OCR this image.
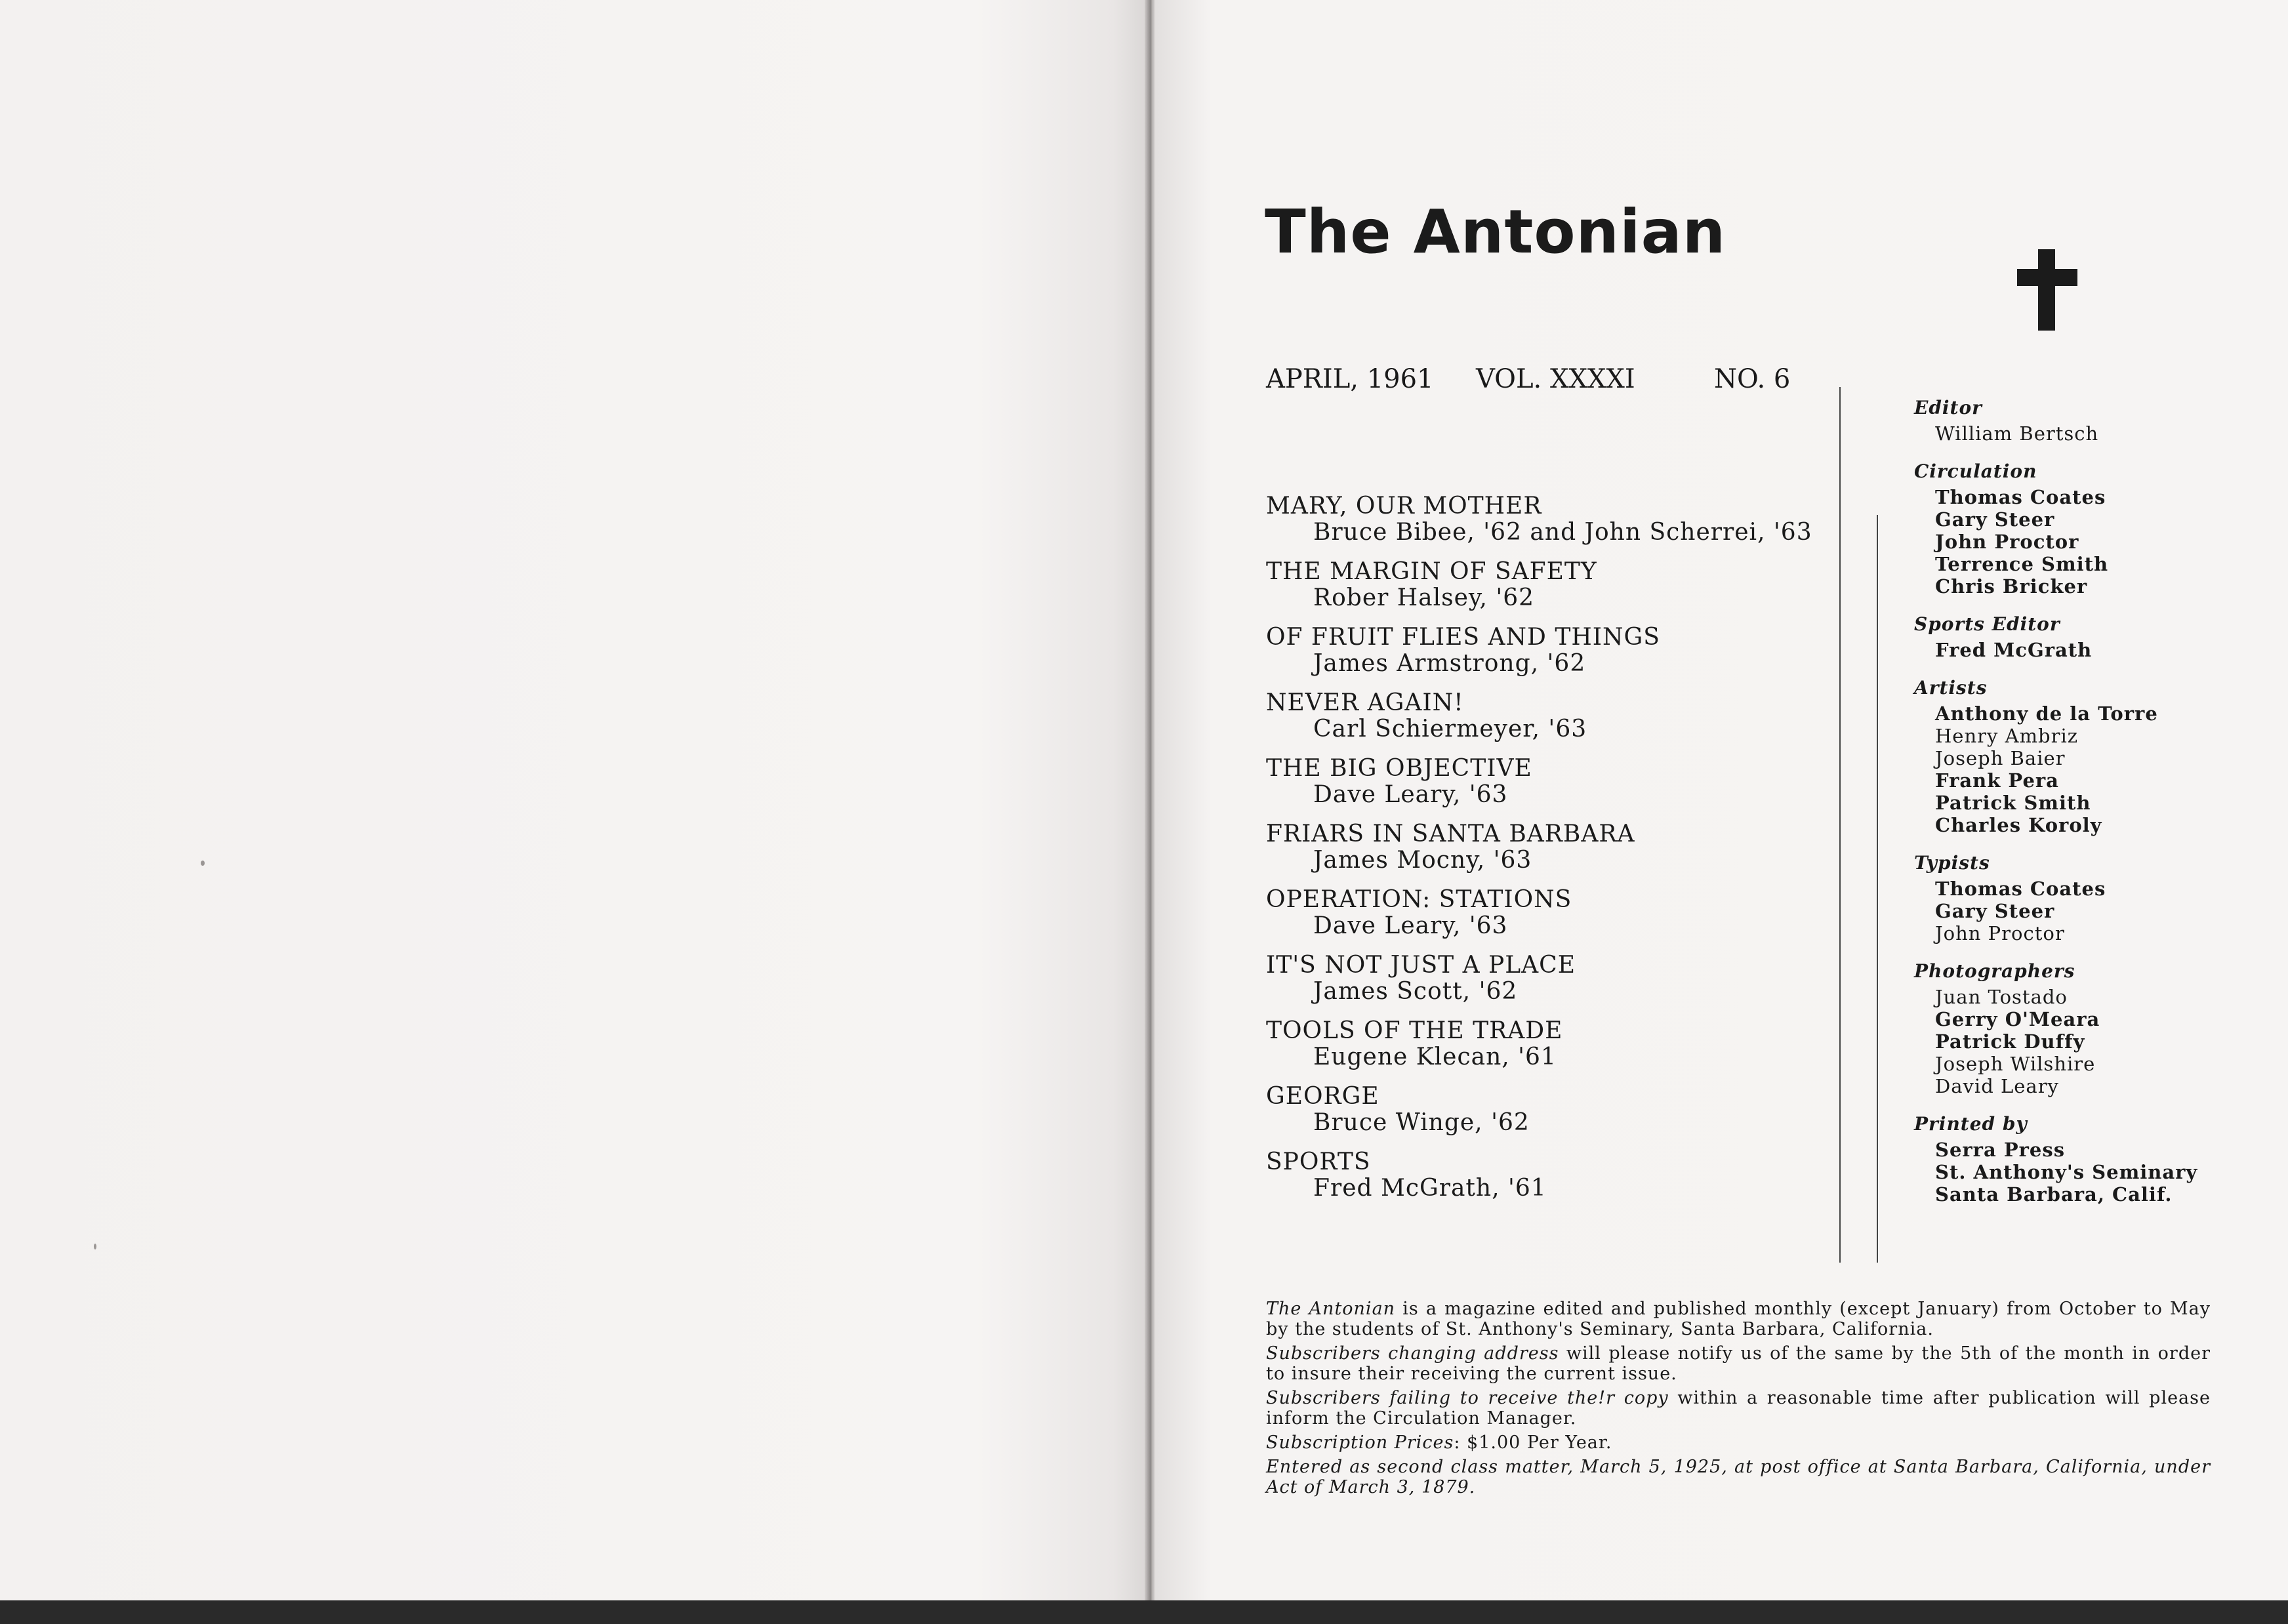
The Antonian
APRIL, 1961 VOL. XXXXI	NO. 6
MARY, OUR MOTHER
Bruce Bibee, '62 and John Scherrei, '63
THE MARGIN OF SAFETY
Rober Halsey, '62
OF FRUIT FLIES AND THINGS
James Armstrong, '62
NEVER AGAIN!
Carl Schiermeyer, '63
THE BIG OBJECTIVE
Dave Leary, '63
FRIARS IN SANTA BARBARA
James Mocny, '63
OPERATION: STATIONS
Dave Leary, '63
IT'S NOT JUST A PLACE
James Scott, '62
TOOLS OF THE TRADE
Eugene Klecan, '61
GEORGE
Bruce Winge, '62
SPORTS
Fred McGrath, '61
Editor
William Bertsch
Circulation
Thomas Coates
Gary Steer
John Proctor
Terrence Smith
Chris Bricker
Sports Editor
Fred McGrath
Artists
Anthony de la Torre
Henry Ambriz
Joseph Baier
Frank Pera
Patrick Smith
Charles Koroly
Typists
Thomas Coates
Gary Steer
John Proctor
Photographers
Juan Tostado
Gerry O'Meara
Patrick Duffy
Joseph Wilshire
David Leary
Printed by
Serra Press
St. Anthony's Seminary
Santa Barbara, Calif.

The Antonian is a magazine edited and published monthly (except January) from October to May by the students of St. Anthony's Seminary, Santa Barbara, California.

Subscribers changing address will please notify us of the same by the 5th of the month in order to insure their receiving the current issue.

Subscribers failing to receive the!r copy within a reasonable time after publication will please inform the Circulation Manager.

Subscription Prices: $1.00 Per Year.

Entered as second class matter, March 5, 1925, at post office at Santa Barbara, California, under Act of March 3, 1879.
